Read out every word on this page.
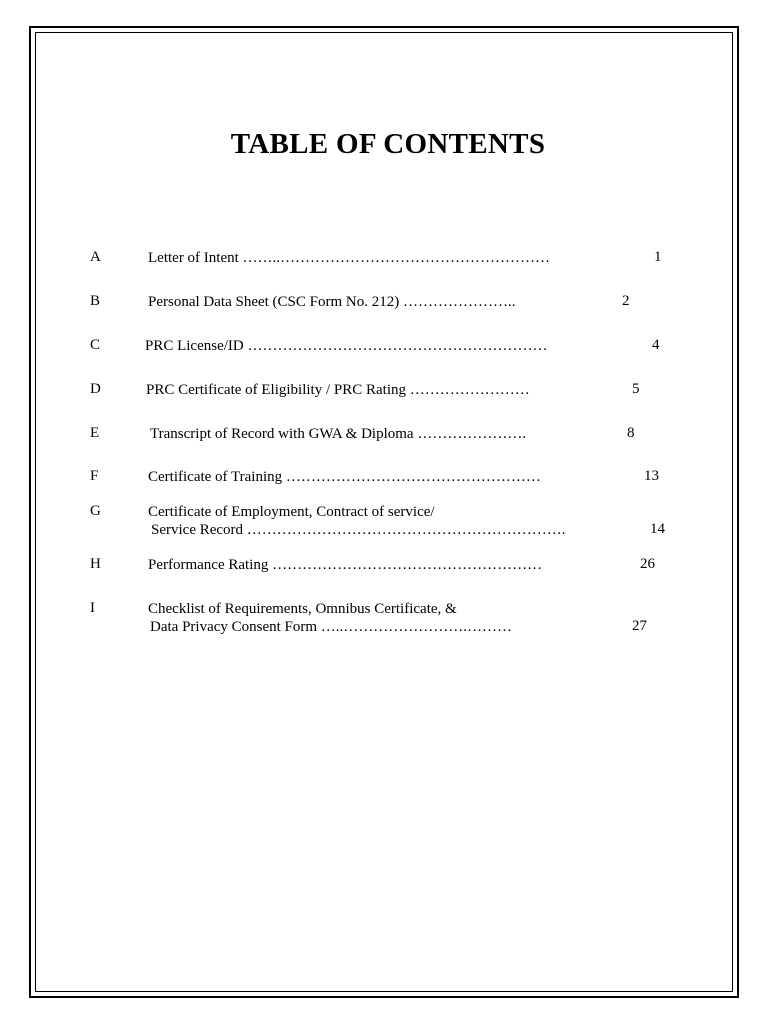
TABLE OF CONTENTS
A	Letter of Intent ……..………………………………………………	1
B	Personal Data Sheet (CSC Form No. 212) …………………..	2
C	PRC License/ID ……………………………………………………	4
D	PRC Certificate of Eligibility / PRC Rating ……………………	5
E	Transcript of Record with GWA & Diploma ………………….	8
F	Certificate of Training ……………………………………………	13
G	Certificate of Employment, Contract of service/
Service Record ……………………………………………………….	14
H	Performance Rating ………………………………………………	26
I	Checklist of Requirements, Omnibus Certificate, &
Data Privacy Consent Form …..…………………….………	27
